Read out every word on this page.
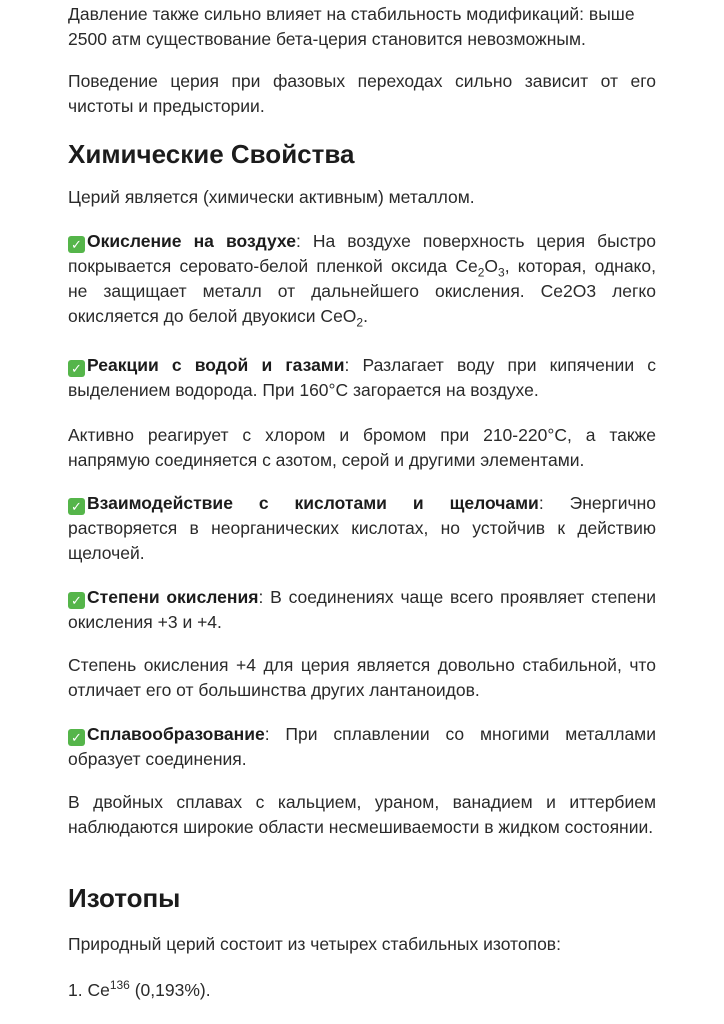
Давление также сильно влияет на стабильность модификаций: выше
2500 атм существование бета-церия становится невозможным.

Поведение церия при фазовых переходах сильно зависит от его чистоты и предыстории.

Химические Свойства

Церий является (химически активным) металлом.

✓ Окисление на воздухе: На воздухе поверхность церия быстро покрывается серовато-белой пленкой оксида $Ce_2O_3$, которая, однако, не защищает металл от дальнейшего окисления. Ce2O3 легко окисляется до белой двуокиси CeO$_2$.

✓ Реакции с водой и газами: Разлагает воду при кипячении с выделением водорода. При 160°C загорается на воздухе.

Активно реагирует с хлором и бромом при 210-220°C, а также напрямую соединяется с азотом, серой и другими элементами.

✓ Взаимодействие с кислотами и щелочами: Энергично растворяется в неорганических кислотах, но устойчив к действию щелочей.

✓ Степени окисления: В соединениях чаще всего проявляет степени окисления +3 и +4.

Степень окисления +4 для церия является довольно стабильной, что отличает его от большинства других лантаноидов.

✓ Сплавообразование: При сплавлении со многими металлами образует соединения.

В двойных сплавах с кальцием, ураном, ванадием и иттербием наблюдаются широкие области несмешиваемости в жидком состоянии.

Изотопы

Природный церий состоит из четырех стабильных изотопов:

1. Ce$^{136}$ (0,193%).
